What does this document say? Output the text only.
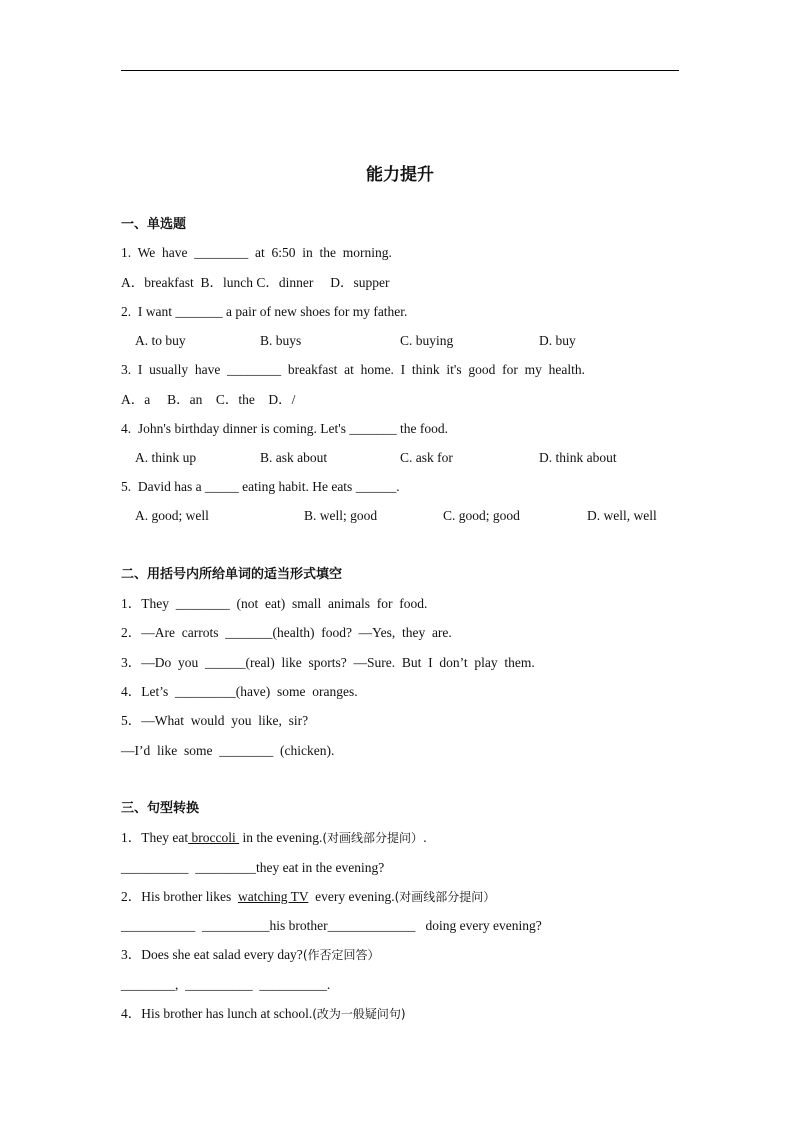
能力提升
一、单选题
1.  We  have  ________  at  6:50  in  the  morning.
A．breakfast  B．lunch C．dinner     D．supper
2.  I want _______ a pair of new shoes for my father.
A. to buy	B. buys	C. buying	D. buy
3.  I  usually  have  ________  breakfast  at  home.  I  think  it's  good  for  my  health.
A．a     B．an    C．the    D．/
4.  John's birthday dinner is coming. Let's _______ the food.
A. think up	B. ask about	C. ask for	D. think about
5.  David has a _____ eating habit. He eats ______.
A. good; well	B. well; good	C. good; good	D. well, well
二、用括号内所给单词的适当形式填空
1．They  ________  (not  eat)  small  animals  for  food.
2．—Are  carrots  _______(health)  food?  —Yes,  they  are.
3．—Do  you  ______(real)  like  sports?  —Sure.  But  I  don’t  play  them.
4．Let’s  _________(have)  some  oranges.
5．—What  would  you  like,  sir?
—I’d  like  some  ________  (chicken).
三、句型转换
1．They eat broccoli  in the evening.(对画线部分提问）.
__________  _________they eat in the evening?
2．His brother likes  watching TV  every evening.(对画线部分提问）
___________  __________his brother_____________   doing every evening?
3．Does she eat salad every day?(作否定回答）
________,  __________  __________.
4．His brother has lunch at school.(改为一般疑问句)
